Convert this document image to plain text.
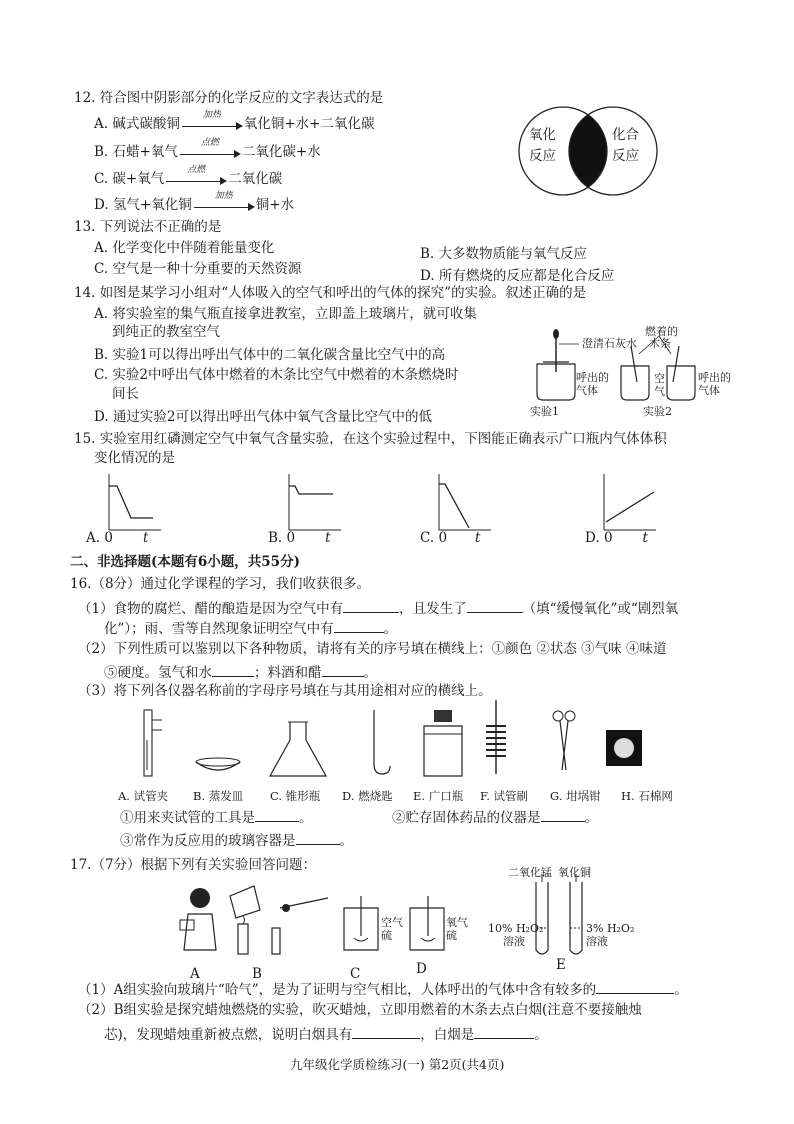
12. 符合图中阴影部分的化学反应的文字表达式的是
A. 碱式碳酸铜
加热
氧化铜+水+二氧化碳
B. 石蜡+氧气
点燃
二氧化碳+水
C. 碳+氧气
点燃
二氧化碳
D. 氢气+氧化铜
加热
铜+水
氧化
反应
化合
反应
13. 下列说法不正确的是
A. 化学变化中伴随着能量变化	B. 大多数物质能与氧气反应
C. 空气是一种十分重要的天然资源	D. 所有燃烧的反应都是化合反应
14. 如图是某学习小组对“人体吸入的空气和呼出的气体的探究”的实验。叙述正确的是
A. 将实验室的集气瓶直接拿进教室，立即盖上玻璃片，就可收集
到纯正的教室空气
B. 实验1可以得出呼出气体中的二氧化碳含量比空气中的高
C. 实验2中呼出气体中燃着的木条比空气中燃着的木条燃烧时
间长
D. 通过实验2可以得出呼出气体中氧气含量比空气中的低
澄清石灰水
呼出的
气体
燃着的
木条
空
气
呼出的
气体
实验1	实验2
15. 实验室用红磷测定空气中氧气含量实验，在这个实验过程中，下图能正确表示广口瓶内气体体积
变化情况的是
A. 0 t	B. 0 t	C. 0 t	D. 0 t
二、非选择题(本题有6小题，共55分)
16.（8分）通过化学课程的学习，我们收获很多。
（1）食物的腐烂、醋的酿造是因为空气中有	，且发生了	（填“缓慢氧化”或“剧烈氧
化”）；雨、雪等自然现象证明空气中有	。
（2）下列性质可以鉴别以下各种物质，请将有关的序号填在横线上：①颜色 ②状态 ③气味 ④味道
⑤硬度。氢气和水	；料酒和醋	。
（3）将下列各仪器名称前的字母序号填在与其用途相对应的横线上。
A. 试管夹 B. 蒸发皿 C. 锥形瓶 D. 燃烧匙 E. 广口瓶 F. 试管刷 G. 坩埚钳 H. 石棉网
①用来夹试管的工具是	。	②贮存固体药品的仪器是	。
③常作为反应用的玻璃容器是	。
17.（7分）根据下列有关实验回答问题：	二氧化锰 氧化铜
空气
硫
氧气
硫
10% H₂O₂
溶液
3% H₂O₂
溶液
A	B	C	D	E
（1）A组实验向玻璃片“哈气”，是为了证明与空气相比，人体呼出的气体中含有较多的	。
（2）B组实验是探究蜡烛燃烧的实验，吹灭蜡烛，立即用燃着的木条去点白烟(注意不要接触烛
芯)，发现蜡烛重新被点燃，说明白烟具有	，白烟是	。
九年级化学质检练习(一) 第2页(共4页)
